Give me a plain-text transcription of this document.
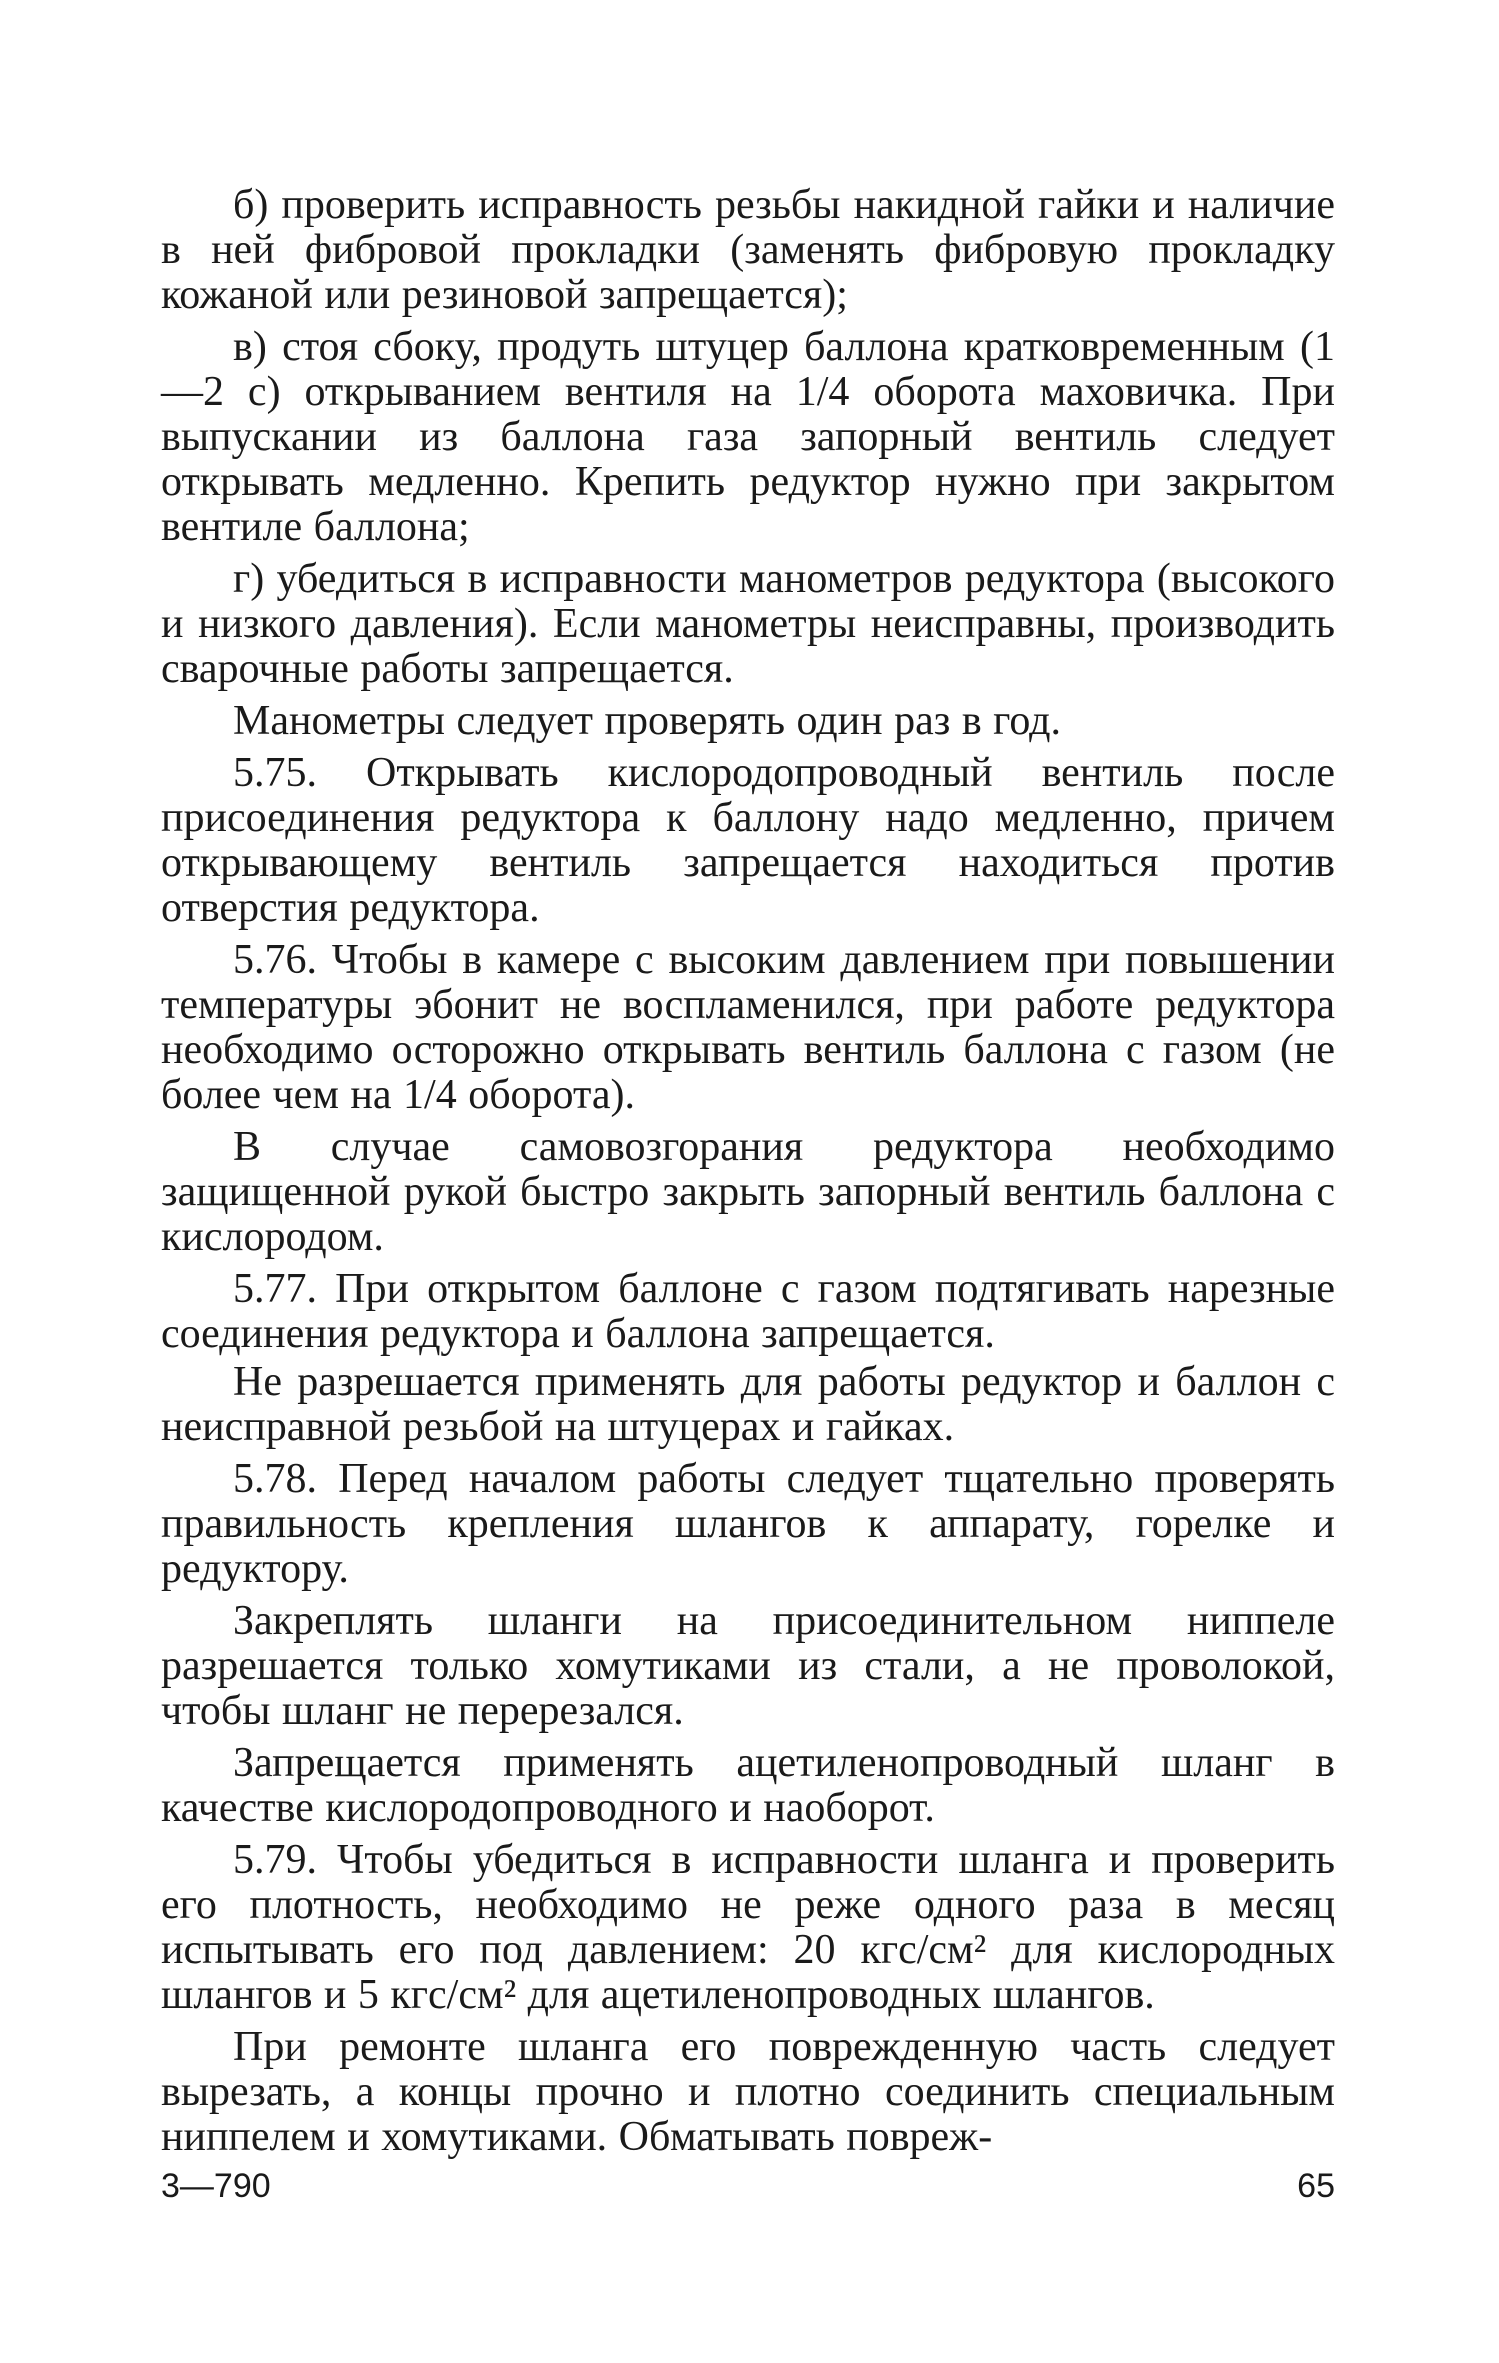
б) проверить исправность резьбы накидной гайки и наличие в ней фибровой прокладки (заменять фибровую прокладку кожаной или резиновой запрещается);

в) стоя сбоку, продуть штуцер баллона кратковременным (1—2 с) открыванием вентиля на 1/4 оборота маховичка. При выпускании из баллона газа запорный вентиль следует открывать медленно. Крепить редуктор нужно при закрытом вентиле баллона;

г) убедиться в исправности манометров редуктора (высокого и низкого давления). Если манометры неисправны, производить сварочные работы запрещается.

Манометры следует проверять один раз в год.

5.75. Открывать кислородопроводный вентиль после присоединения редуктора к баллону надо медленно, причем открывающему вентиль запрещается находиться против отверстия редуктора.

5.76. Чтобы в камере с высоким давлением при повышении температуры эбонит не воспламенился, при работе редуктора необходимо осторожно открывать вентиль баллона с газом (не более чем на 1/4 оборота).

В случае самовозгорания редуктора необходимо защищенной рукой быстро закрыть запорный вентиль баллона с кислородом.

5.77. При открытом баллоне с газом подтягивать нарезные соединения редуктора и баллона запрещается.

Не разрешается применять для работы редуктор и баллон с неисправной резьбой на штуцерах и гайках.

5.78. Перед началом работы следует тщательно проверять правильность крепления шлангов к аппарату, горелке и редуктору.

Закреплять шланги на присоединительном ниппеле разрешается только хомутиками из стали, а не проволокой, чтобы шланг не перерезался.

Запрещается применять ацетиленопроводный шланг в качестве кислородопроводного и наоборот.

5.79. Чтобы убедиться в исправности шланга и проверить его плотность, необходимо не реже одного раза в месяц испытывать его под давлением: 20 кгс/см² для кислородных шлангов и 5 кгс/см² для ацетиленопроводных шлангов.

При ремонте шланга его поврежденную часть следует вырезать, а концы прочно и плотно соединить специальным ниппелем и хомутиками. Обматывать повреж-

3—790	65
